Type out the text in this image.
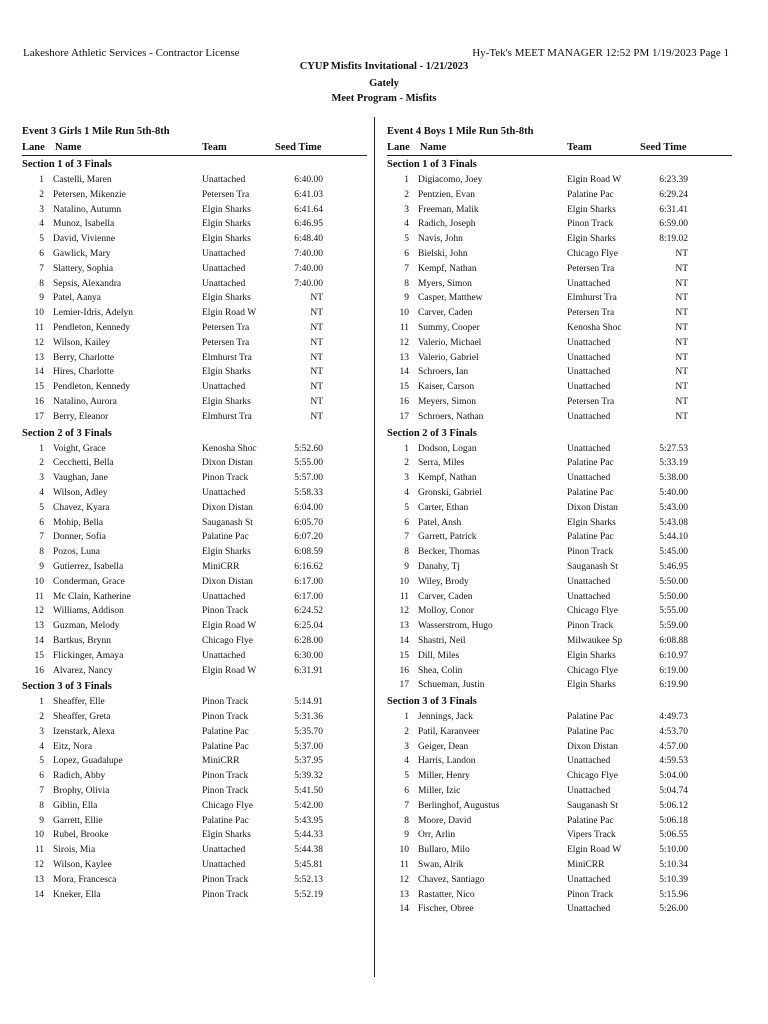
Lakeshore Athletic Services - Contractor License	Hy-Tek's MEET MANAGER 12:52 PM 1/19/2023 Page 1
CYUP Misfits Invitational - 1/21/2023
Gately
Meet Program - Misfits
Event 3 Girls 1 Mile Run 5th-8th
Lane Name	Team	Seed Time
Section 1 of 3 Finals
1 Castelli, Maren	Unattached	6:40.00
2 Petersen, Mikenzie	Petersen Tra	6:41.03
3 Natalino, Autumn	Elgin Sharks	6:41.64
4 Munoz, Isabella	Elgin Sharks	6:46.95
5 David, Vivienne	Elgin Sharks	6:48.40
6 Gawlick, Mary	Unattached	7:40.00
7 Slattery, Sophia	Unattached	7:40.00
8 Sepsis, Alexandra	Unattached	7:40.00
9 Patel, Aanya	Elgin Sharks	NT
10 Lemier-Idris, Adelyn	Elgin Road W	NT
11 Pendleton, Kennedy	Petersen Tra	NT
12 Wilson, Kailey	Petersen Tra	NT
13 Berry, Charlotte	Elmhurst Tra	NT
14 Hires, Charlotte	Elgin Sharks	NT
15 Pendleton, Kennedy	Unattached	NT
16 Natalino, Aurora	Elgin Sharks	NT
17 Berry, Eleanor	Elmhurst Tra	NT
Section 2 of 3 Finals
1 Voight, Grace	Kenosha Shoc	5:52.60
2 Cecchetti, Bella	Dixon Distan	5:55.00
3 Vaughan, Jane	Pinon Track	5:57.00
4 Wilson, Adley	Unattached	5:58.33
5 Chavez, Kyara	Dixon Distan	6:04.00
6 Mohip, Bella	Sauganash St	6:05.70
7 Donner, Sofia	Palatine Pac	6:07.20
8 Pozos, Luna	Elgin Sharks	6:08.59
9 Gutierrez, Isabella	MiniCRR	6:16.62
10 Conderman, Grace	Dixon Distan	6:17.00
11 Mc Clain, Katherine	Unattached	6:17.00
12 Williams, Addison	Pinon Track	6:24.52
13 Guzman, Melody	Elgin Road W	6:25.04
14 Bartkus, Brynn	Chicago Flye	6:28.00
15 Flickinger, Amaya	Unattached	6:30.00
16 Alvarez, Nancy	Elgin Road W	6:31.91
Section 3 of 3 Finals
1 Sheaffer, Elle	Pinon Track	5:14.91
2 Sheaffer, Greta	Pinon Track	5:31.36
3 Izenstark, Alexa	Palatine Pac	5:35.70
4 Eitz, Nora	Palatine Pac	5:37.00
5 Lopez, Guadalupe	MiniCRR	5:37.95
6 Radich, Abby	Pinon Track	5:39.32
7 Brophy, Olivia	Pinon Track	5:41.50
8 Giblin, Ella	Chicago Flye	5:42.00
9 Garrett, Ellie	Palatine Pac	5:43.95
10 Rubel, Brooke	Elgin Sharks	5:44.33
11 Sirois, Mia	Unattached	5:44.38
12 Wilson, Kaylee	Unattached	5:45.81
13 Mora, Francesca	Pinon Track	5:52.13
14 Kneker, Ella	Pinon Track	5:52.19
Event 4 Boys 1 Mile Run 5th-8th
Lane Name	Team	Seed Time
Section 1 of 3 Finals
1 Digiacomo, Joey	Elgin Road W	6:23.39
2 Pentzien, Evan	Palatine Pac	6:29.24
3 Freeman, Malik	Elgin Sharks	6:31.41
4 Radich, Joseph	Pinon Track	6:59.00
5 Navis, John	Elgin Sharks	8:19.02
6 Bielski, John	Chicago Flye	NT
7 Kempf, Nathan	Petersen Tra	NT
8 Myers, Simon	Unattached	NT
9 Casper, Matthew	Elmhurst Tra	NT
10 Carver, Caden	Petersen Tra	NT
11 Summy, Cooper	Kenosha Shoc	NT
12 Valerio, Michael	Unattached	NT
13 Valerio, Gabriel	Unattached	NT
14 Schroers, Ian	Unattached	NT
15 Kaiser, Carson	Unattached	NT
16 Meyers, Simon	Petersen Tra	NT
17 Schroers, Nathan	Unattached	NT
Section 2 of 3 Finals
1 Dodson, Logan	Unattached	5:27.53
2 Serra, Miles	Palatine Pac	5:33.19
3 Kempf, Nathan	Unattached	5:38.00
4 Gronski, Gabriel	Palatine Pac	5:40.00
5 Carter, Ethan	Dixon Distan	5:43.00
6 Patel, Ansh	Elgin Sharks	5:43.08
7 Garrett, Patrick	Palatine Pac	5:44.10
8 Becker, Thomas	Pinon Track	5:45.00
9 Danahy, Tj	Sauganash St	5:46.95
10 Wiley, Brody	Unattached	5:50.00
11 Carver, Caden	Unattached	5:50.00
12 Molloy, Conor	Chicago Flye	5:55.00
13 Wasserstrom, Hugo	Pinon Track	5:59.00
14 Shastri, Neil	Milwaukee Sp	6:08.88
15 Dill, Miles	Elgin Sharks	6:10.97
16 Shea, Colin	Chicago Flye	6:19.00
17 Schueman, Justin	Elgin Sharks	6:19.90
Section 3 of 3 Finals
1 Jennings, Jack	Palatine Pac	4:49.73
2 Patil, Karanveer	Palatine Pac	4:53.70
3 Geiger, Dean	Dixon Distan	4:57.00
4 Harris, Landon	Unattached	4:59.53
5 Miller, Henry	Chicago Flye	5:04.00
6 Miller, Izic	Unattached	5:04.74
7 Berlinghof, Augustus	Sauganash St	5:06.12
8 Moore, David	Palatine Pac	5:06.18
9 Orr, Arlin	Vipers Track	5:06.55
10 Bullaro, Milo	Elgin Road W	5:10.00
11 Swan, Alrik	MiniCRR	5:10.34
12 Chavez, Santiago	Unattached	5:10.39
13 Rastatter, Nico	Pinon Track	5:15.96
14 Fischer, Obree	Unattached	5:26.00
